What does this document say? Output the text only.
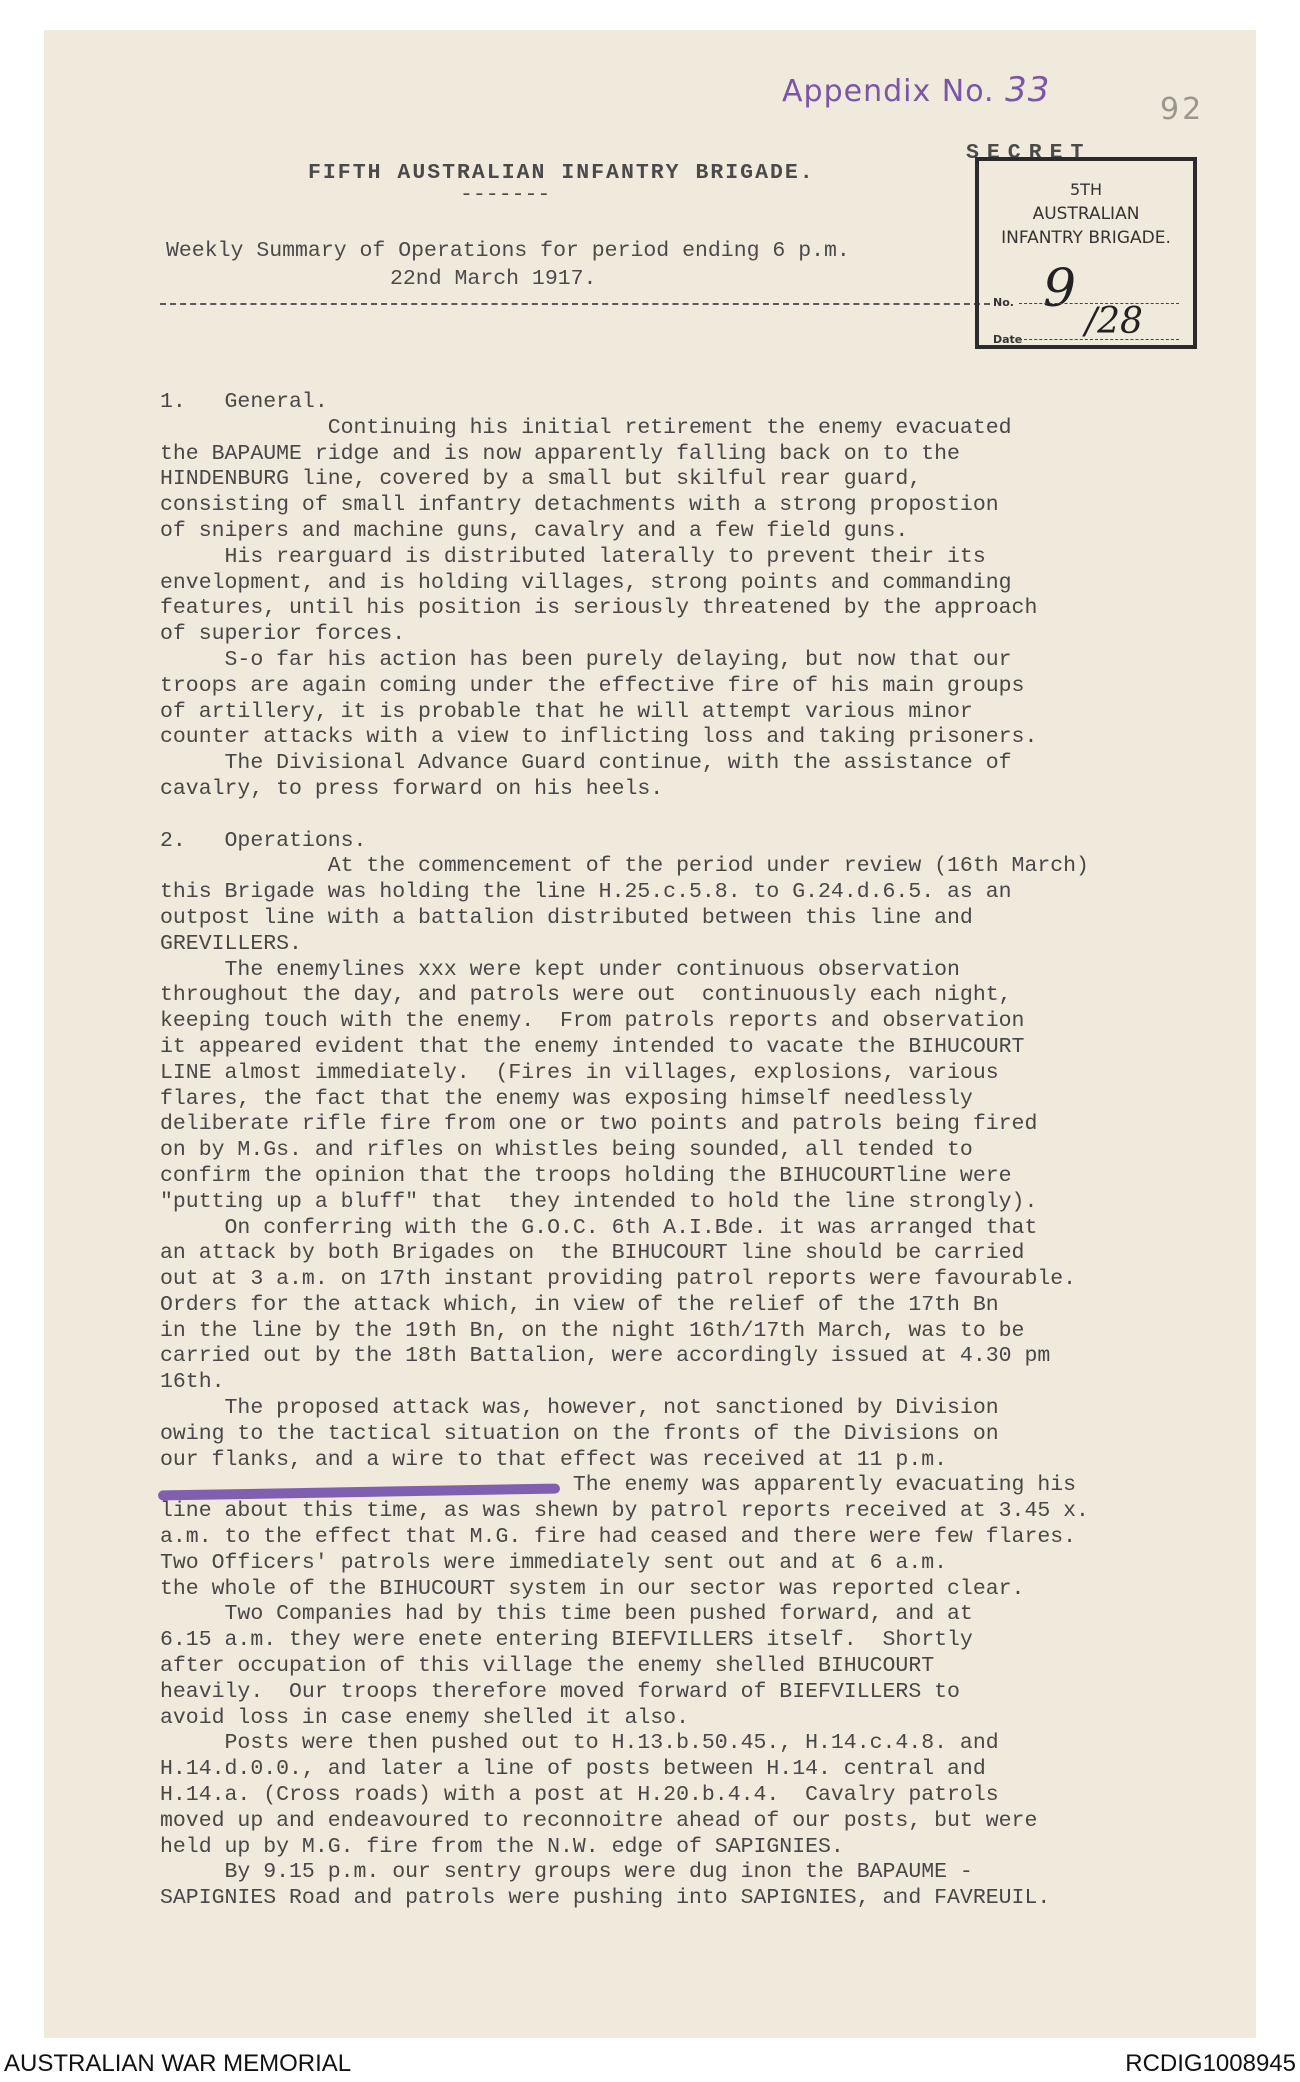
Appendix No. 33	92
FIFTH AUSTRALIAN INFANTRY BRIGADE.
-------
SECRET
Weekly Summary of Operations for period ending 6 p.m.
22nd March 1917.
5TH
AUSTRALIAN
INFANTRY BRIGADE.
9
/28
No.
Date
1.   General.
Continuing his initial retirement the enemy evacuated
the BAPAUME ridge and is now apparently falling back on to the
HINDENBURG line, covered by a small but skilful rear guard,
consisting of small infantry detachments with a strong propostion
of snipers and machine guns, cavalry and a few field guns.
His rearguard is distributed laterally to prevent their its
envelopment, and is holding villages, strong points and commanding
features, until his position is seriously threatened by the approach
of superior forces.
S-o far his action has been purely delaying, but now that our
troops are again coming under the effective fire of his main groups
of artillery, it is probable that he will attempt various minor
counter attacks with a view to inflicting loss and taking prisoners.
The Divisional Advance Guard continue, with the assistance of
cavalry, to press forward on his heels.
2.   Operations.
At the commencement of the period under review (16th March)
this Brigade was holding the line H.25.c.5.8. to G.24.d.6.5. as an
outpost line with a battalion distributed between this line and
GREVILLERS.
The enemylines xxx were kept under continuous observation
throughout the day, and patrols were out  continuously each night,
keeping touch with the enemy.  From patrols reports and observation
it appeared evident that the enemy intended to vacate the BIHUCOURT
LINE almost immediately.  (Fires in villages, explosions, various
flares, the fact that the enemy was exposing himself needlessly
deliberate rifle fire from one or two points and patrols being fired
on by M.Gs. and rifles on whistles being sounded, all tended to
confirm the opinion that the troops holding the BIHUCOURTline were
"putting up a bluff" that  they intended to hold the line strongly).
On conferring with the G.O.C. 6th A.I.Bde. it was arranged that
an attack by both Brigades on  the BIHUCOURT line should be carried
out at 3 a.m. on 17th instant providing patrol reports were favourable.
Orders for the attack which, in view of the relief of the 17th Bn
in the line by the 19th Bn, on the night 16th/17th March, was to be
carried out by the 18th Battalion, were accordingly issued at 4.30 pm
16th.
The proposed attack was, however, not sanctioned by Division
owing to the tactical situation on the fronts of the Divisions on
our flanks, and a wire to that effect was received at 11 p.m.
The enemy was apparently evacuating his
line about this time, as was shewn by patrol reports received at 3.45 x.
a.m. to the effect that M.G. fire had ceased and there were few flares.
Two Officers' patrols were immediately sent out and at 6 a.m.
the whole of the BIHUCOURT system in our sector was reported clear.
Two Companies had by this time been pushed forward, and at
6.15 a.m. they were enete entering BIEFVILLERS itself.  Shortly
after occupation of this village the enemy shelled BIHUCOURT
heavily.  Our troops therefore moved forward of BIEFVILLERS to
avoid loss in case enemy shelled it also.
Posts were then pushed out to H.13.b.50.45., H.14.c.4.8. and
H.14.d.0.0., and later a line of posts between H.14. central and
H.14.a. (Cross roads) with a post at H.20.b.4.4.  Cavalry patrols
moved up and endeavoured to reconnoitre ahead of our posts, but were
held up by M.G. fire from the N.W. edge of SAPIGNIES.
By 9.15 p.m. our sentry groups were dug inon the BAPAUME -
SAPIGNIES Road and patrols were pushing into SAPIGNIES, and FAVREUIL.
AUSTRALIAN WAR MEMORIAL	RCDIG1008945
